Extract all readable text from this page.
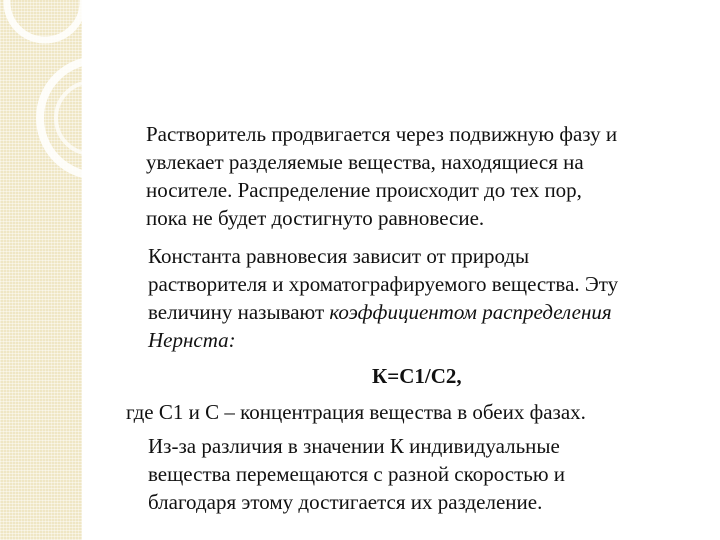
Растворитель продвигается через подвижную фазу и
увлекает разделяемые вещества, находящиеся на
носителе. Распределение происходит до тех пор,
пока не будет достигнуто равновесие.

Константа равновесия зависит от природы
растворителя и хроматографируемого вещества. Эту
величину называют коэффициентом распределения
Нернста:

К=С1/С2,
где С1 и С – концентрация вещества в обеих фазах.

Из-за различия в значении К индивидуальные
вещества перемещаются с разной скоростью и
благодаря этому достигается их разделение.
